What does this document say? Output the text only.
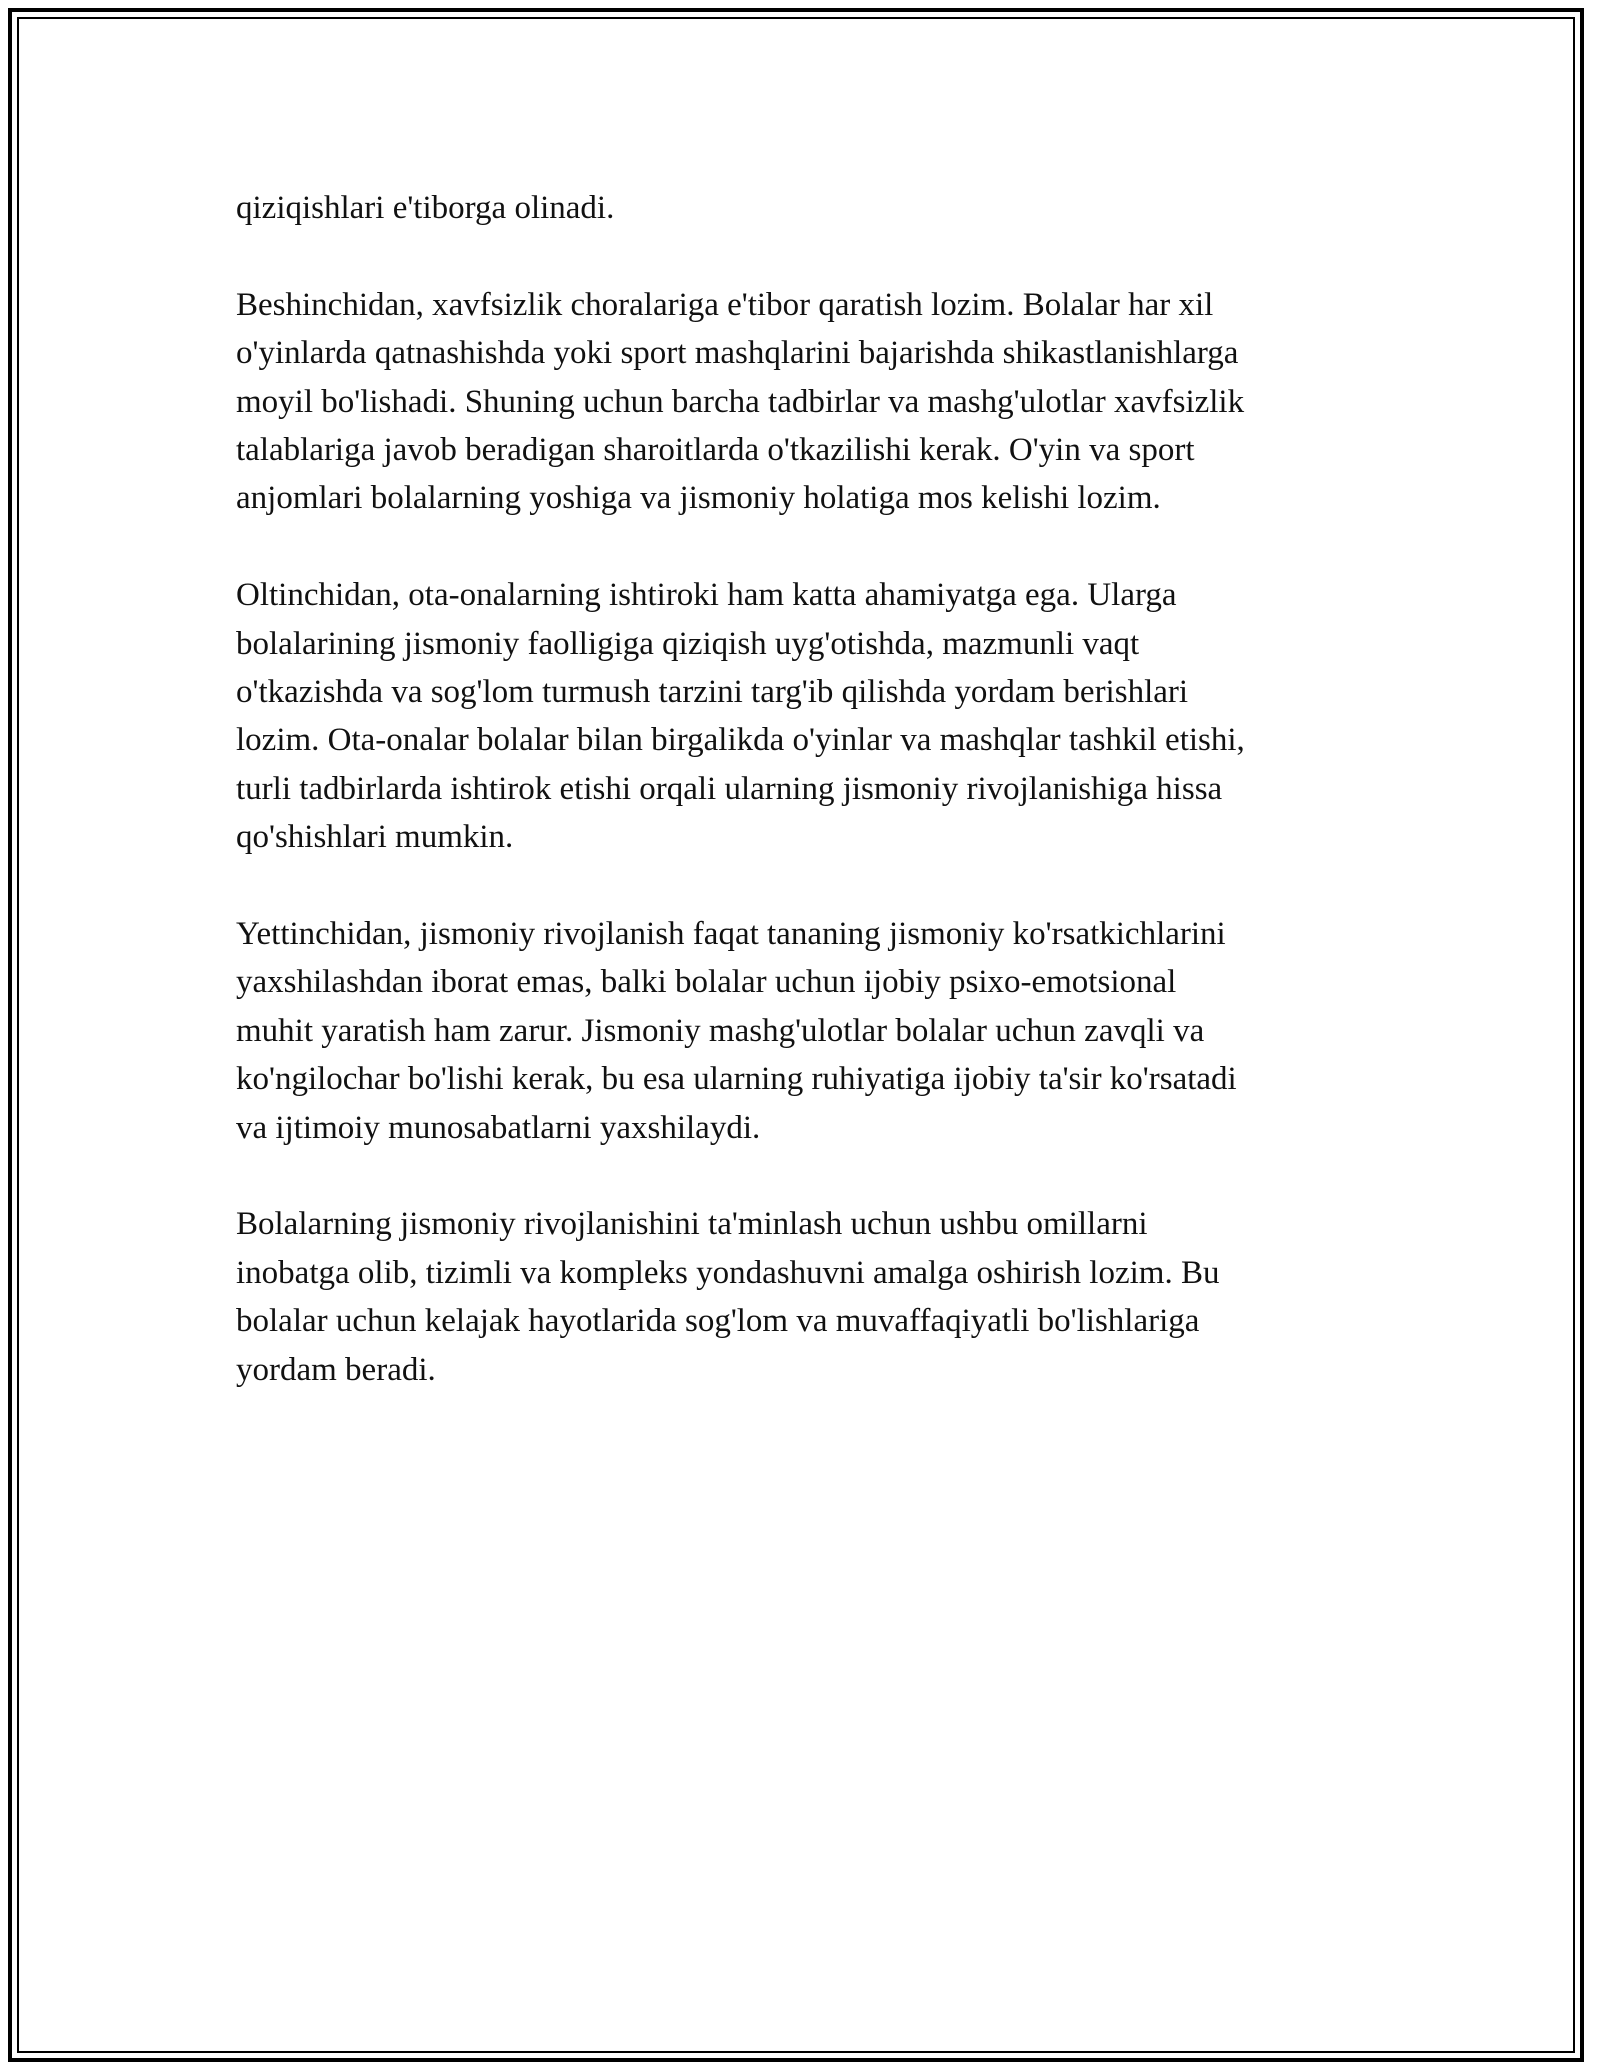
qiziqishlari e'tiborga olinadi.

Beshinchidan, xavfsizlik choralariga e'tibor qaratish lozim. Bolalar har xil
o'yinlarda qatnashishda yoki sport mashqlarini bajarishda shikastlanishlarga
moyil bo'lishadi. Shuning uchun barcha tadbirlar va mashg'ulotlar xavfsizlik
talablariga javob beradigan sharoitlarda o'tkazilishi kerak. O'yin va sport
anjomlari bolalarning yoshiga va jismoniy holatiga mos kelishi lozim.

Oltinchidan, ota-onalarning ishtiroki ham katta ahamiyatga ega. Ularga
bolalarining jismoniy faolligiga qiziqish uyg'otishda, mazmunli vaqt
o'tkazishda va sog'lom turmush tarzini targ'ib qilishda yordam berishlari
lozim. Ota-onalar bolalar bilan birgalikda o'yinlar va mashqlar tashkil etishi,
turli tadbirlarda ishtirok etishi orqali ularning jismoniy rivojlanishiga hissa
qo'shishlari mumkin.

Yettinchidan, jismoniy rivojlanish faqat tananing jismoniy ko'rsatkichlarini
yaxshilashdan iborat emas, balki bolalar uchun ijobiy psixo-emotsional
muhit yaratish ham zarur. Jismoniy mashg'ulotlar bolalar uchun zavqli va
ko'ngilochar bo'lishi kerak, bu esa ularning ruhiyatiga ijobiy ta'sir ko'rsatadi
va ijtimoiy munosabatlarni yaxshilaydi.

Bolalarning jismoniy rivojlanishini ta'minlash uchun ushbu omillarni
inobatga olib, tizimli va kompleks yondashuvni amalga oshirish lozim. Bu
bolalar uchun kelajak hayotlarida sog'lom va muvaffaqiyatli bo'lishlariga
yordam beradi.
